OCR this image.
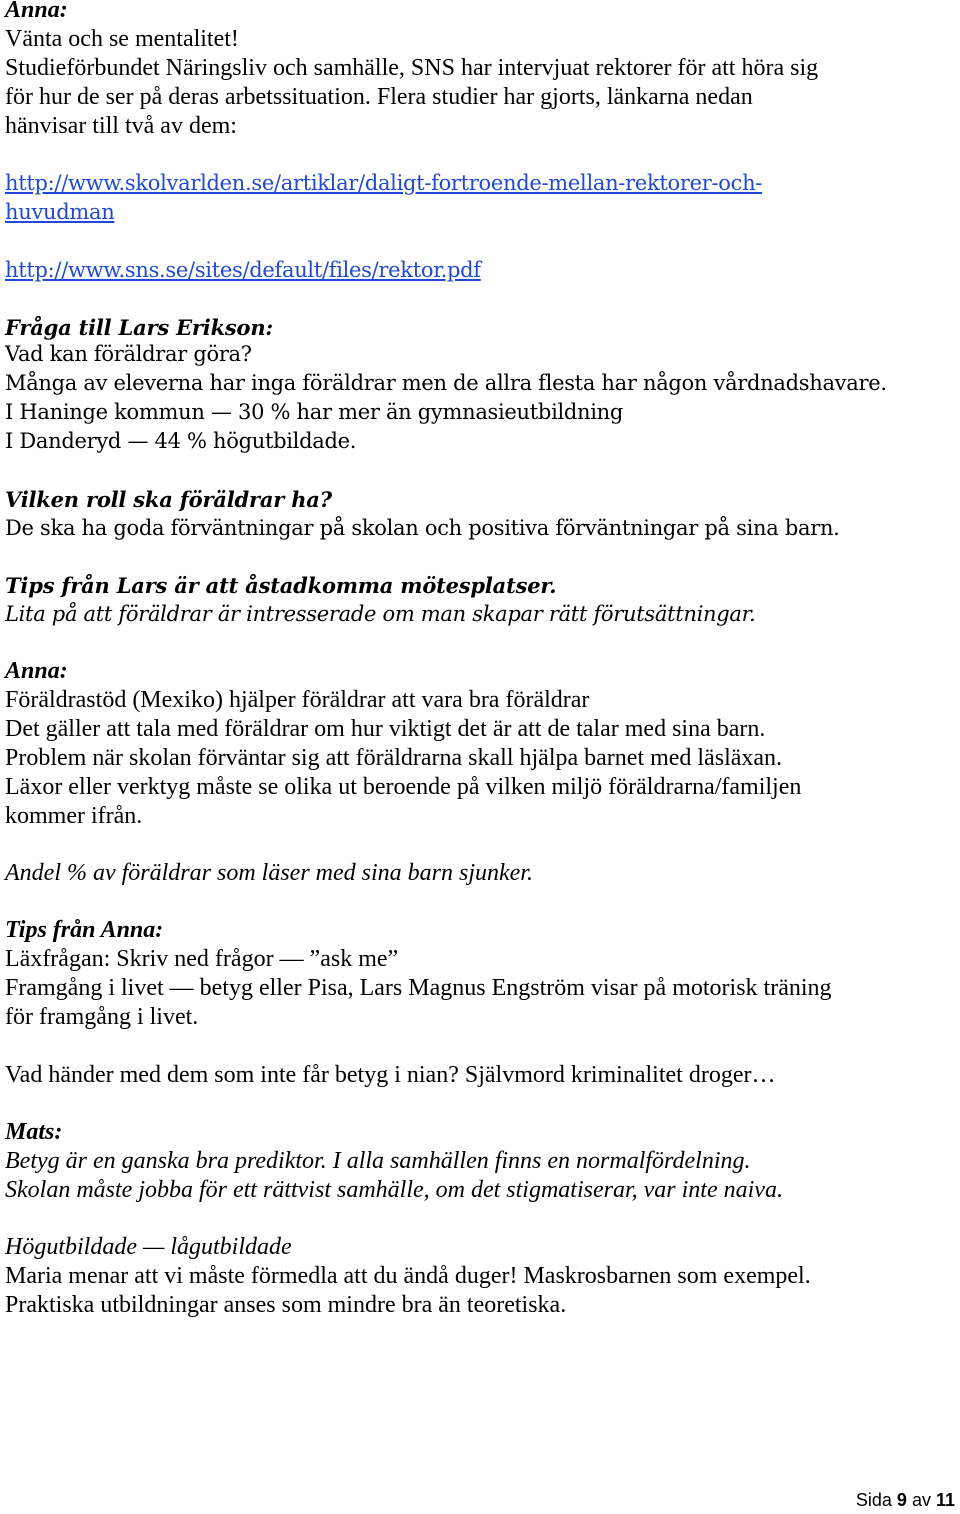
Anna:
Vänta och se mentalitet!
Studieförbundet Näringsliv och samhälle, SNS har intervjuat rektorer för att höra sig
för hur de ser på deras arbetssituation. Flera studier har gjorts, länkarna nedan
hänvisar till två av dem:
http://www.skolvarlden.se/artiklar/daligt-fortroende-mellan-rektorer-och-
huvudman
http://www.sns.se/sites/default/files/rektor.pdf
Fråga till Lars Erikson:
Vad kan föräldrar göra?
Många av eleverna har inga föräldrar men de allra flesta har någon vårdnadshavare.
I Haninge kommun — 30 % har mer än gymnasieutbildning
I Danderyd — 44 % högutbildade.
Vilken roll ska föräldrar ha?
De ska ha goda förväntningar på skolan och positiva förväntningar på sina barn.
Tips från Lars är att åstadkomma mötesplatser.
Lita på att föräldrar är intresserade om man skapar rätt förutsättningar.
Anna:
Föräldrastöd (Mexiko) hjälper föräldrar att vara bra föräldrar
Det gäller att tala med föräldrar om hur viktigt det är att de talar med sina barn.
Problem när skolan förväntar sig att föräldrarna skall hjälpa barnet med läsläxan.
Läxor eller verktyg måste se olika ut beroende på vilken miljö föräldrarna/familjen
kommer ifrån.
Andel % av föräldrar som läser med sina barn sjunker.
Tips från Anna:
Läxfrågan: Skriv ned frågor — ”ask me”
Framgång i livet — betyg eller Pisa, Lars Magnus Engström visar på motorisk träning
för framgång i livet.
Vad händer med dem som inte får betyg i nian? Självmord kriminalitet droger…
Mats:
Betyg är en ganska bra prediktor. I alla samhällen finns en normalfördelning.
Skolan måste jobba för ett rättvist samhälle, om det stigmatiserar, var inte naiva.
Högutbildade — lågutbildade
Maria menar att vi måste förmedla att du ändå duger! Maskrosbarnen som exempel.
Praktiska utbildningar anses som mindre bra än teoretiska.
Sida 9 av 11
